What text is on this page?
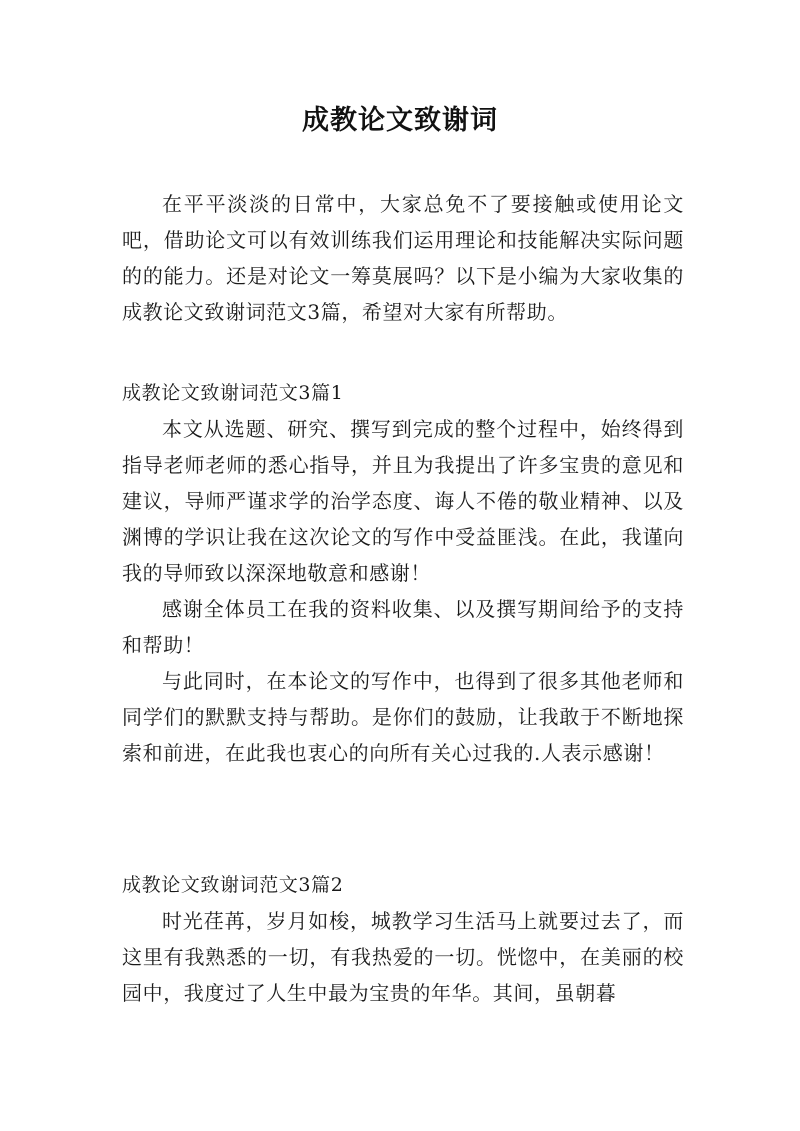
成教论文致谢词

在平平淡淡的日常中，大家总免不了要接触或使用论文吧，借助论文可以有效训练我们运用理论和技能解决实际问题的的能力。还是对论文一筹莫展吗？以下是小编为大家收集的成教论文致谢词范文3篇，希望对大家有所帮助。

成教论文致谢词范文3篇1

本文从选题、研究、撰写到完成的整个过程中，始终得到指导老师老师的悉心指导，并且为我提出了许多宝贵的意见和建议，导师严谨求学的治学态度、诲人不倦的敬业精神、以及渊博的学识让我在这次论文的写作中受益匪浅。在此，我谨向我的导师致以深深地敬意和感谢！

感谢全体员工在我的资料收集、以及撰写期间给予的支持和帮助！

与此同时，在本论文的写作中，也得到了很多其他老师和同学们的默默支持与帮助。是你们的鼓励，让我敢于不断地探索和前进，在此我也衷心的向所有关心过我的.人表示感谢！

成教论文致谢词范文3篇2

时光荏苒，岁月如梭，城教学习生活马上就要过去了，而这里有我熟悉的一切，有我热爱的一切。恍惚中，在美丽的校园中，我度过了人生中最为宝贵的年华。其间，虽朝暮
